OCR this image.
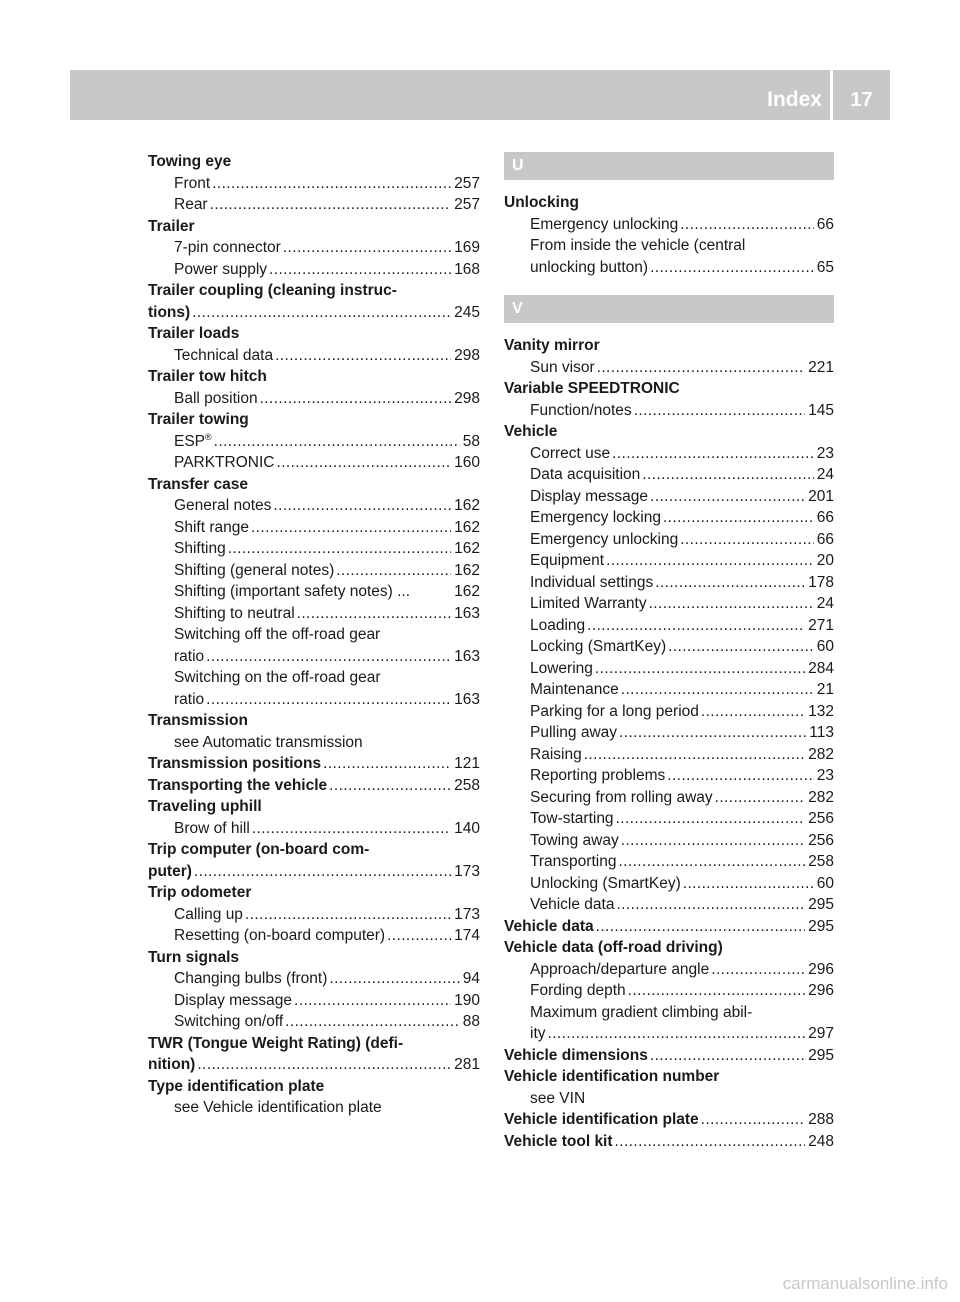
Index	17
Towing eye
Front .....	257
Rear .....	257
Trailer
7-pin connector .....	169
Power supply .....	168
Trailer coupling (cleaning instruc-
tions) .....	245
Trailer loads
Technical data .....	298
Trailer tow hitch
Ball position .....	298
Trailer towing
ESP® .....	58
PARKTRONIC .....	160
Transfer case
General notes .....	162
Shift range .....	162
Shifting .....	162
Shifting (general notes) .....	162
Shifting (important safety notes) ...	162
Shifting to neutral .....	163
Switching off the off-road gear
ratio .....	163
Switching on the off-road gear
ratio .....	163
Transmission
see Automatic transmission
Transmission positions .....	121
Transporting the vehicle .....	258
Traveling uphill
Brow of hill .....	140
Trip computer (on-board com-
puter) .....	173
Trip odometer
Calling up .....	173
Resetting (on-board computer) .....	174
Turn signals
Changing bulbs (front) .....	94
Display message .....	190
Switching on/off .....	88
TWR (Tongue Weight Rating) (defi-
nition) .....	281
Type identification plate
see Vehicle identification plate
U
Unlocking
Emergency unlocking .....	66
From inside the vehicle (central
unlocking button) .....	65
V
Vanity mirror
Sun visor .....	221
Variable SPEEDTRONIC
Function/notes .....	145
Vehicle
Correct use .....	23
Data acquisition .....	24
Display message .....	201
Emergency locking .....	66
Emergency unlocking .....	66
Equipment .....	20
Individual settings .....	178
Limited Warranty .....	24
Loading .....	271
Locking (SmartKey) .....	60
Lowering .....	284
Maintenance .....	21
Parking for a long period .....	132
Pulling away .....	113
Raising .....	282
Reporting problems .....	23
Securing from rolling away .....	282
Tow-starting .....	256
Towing away .....	256
Transporting .....	258
Unlocking (SmartKey) .....	60
Vehicle data .....	295
Vehicle data .....	295
Vehicle data (off-road driving)
Approach/departure angle .....	296
Fording depth .....	296
Maximum gradient climbing abil-
ity .....	297
Vehicle dimensions .....	295
Vehicle identification number
see VIN
Vehicle identification plate .....	288
Vehicle tool kit .....	248
carmanualsonline.info
